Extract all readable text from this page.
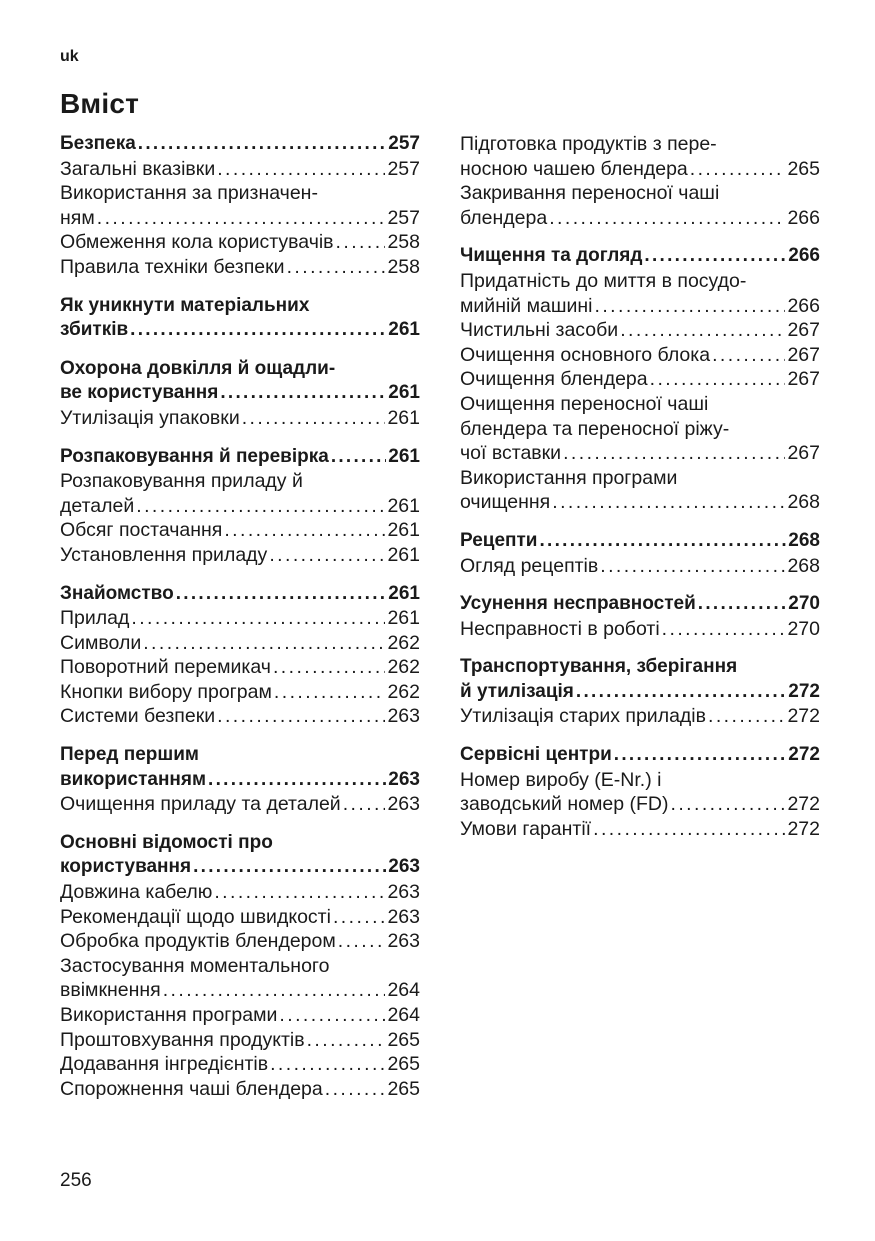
uk
Вміст
Безпека . . .	257
Загальні вказівки . . .	257
Використання за призначен-
ням . . .	257
Обмеження кола користувачів . . .	258
Правила техніки безпеки . . .	258
Як уникнути матеріальних
збитків . . .	261
Охорона довкілля й ощадли-
ве користування . . .	261
Утилізація упаковки . . .	261
Розпаковування й перевірка . . .	261
Розпаковування приладу й
деталей . . .	261
Обсяг постачання . . .	261
Установлення приладу . . .	261
Знайомство . . .	261
Прилад . . .	261
Символи . . .	262
Поворотний перемикач . . .	262
Кнопки вибору програм . . .	262
Системи безпеки . . .	263
Перед першим
використанням . . .	263
Очищення приладу та деталей . . .	263
Основні відомості про
користування . . .	263
Довжина кабелю . . .	263
Рекомендації щодо швидкості . . .	263
Обробка продуктів блендером . . .	263
Застосування моментального
ввімкнення . . .	264
Використання програми . . .	264
Проштовхування продуктів . . .	265
Додавання інгредієнтів . . .	265
Спорожнення чаші блендера . . .	265
Підготовка продуктів з пере-
носною чашею блендера . . .	265
Закривання переносної чаші
блендера . . .	266
Чищення та догляд . . .	266
Придатність до миття в посудо-
мийній машині . . .	266
Чистильні засоби . . .	267
Очищення основного блока . . .	267
Очищення блендера . . .	267
Очищення переносної чаші
блендера та переносної ріжу-
чої вставки . . .	267
Використання програми
очищення . . .	268
Рецепти . . .	268
Огляд рецептів . . .	268
Усунення несправностей . . .	270
Несправності в роботі . . .	270
Транспортування, зберігання
й утилізація . . .	272
Утилізація старих приладів . . .	272
Сервісні центри . . .	272
Номер виробу (E-Nr.) і
заводський номер (FD) . . .	272
Умови гарантії . . .	272
256
